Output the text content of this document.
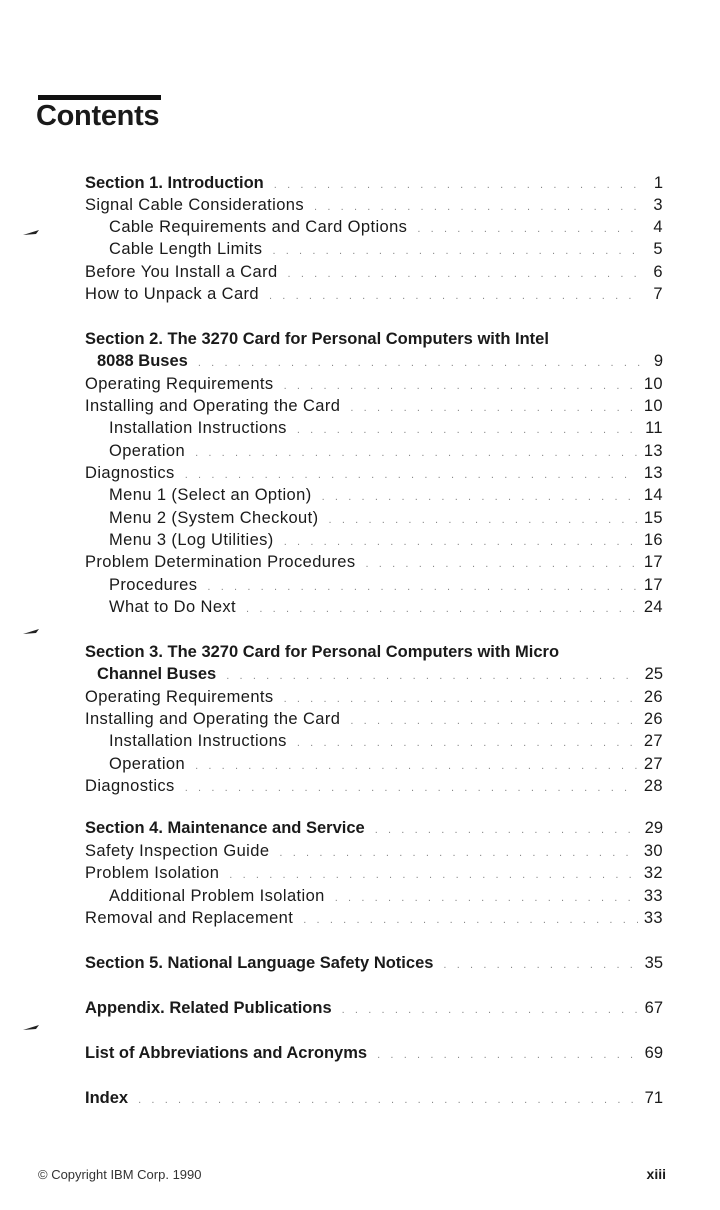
Contents
Section 1. Introduction . . .	1
Signal Cable Considerations . . .	3
Cable Requirements and Card Options . . .	4
Cable Length Limits . . .	5
Before You Install a Card . . .	6
How to Unpack a Card . . .	7
Section 2. The 3270 Card for Personal Computers with Intel
8088 Buses . . .	9
Operating Requirements . . .	10
Installing and Operating the Card . . .	10
Installation Instructions . . .	11
Operation . . .	13
Diagnostics . . .	13
Menu 1 (Select an Option) . . .	14
Menu 2 (System Checkout) . . .	15
Menu 3 (Log Utilities) . . .	16
Problem Determination Procedures . . .	17
Procedures . . .	17
What to Do Next . . .	24
Section 3. The 3270 Card for Personal Computers with Micro
Channel Buses . . .	25
Operating Requirements . . .	26
Installing and Operating the Card . . .	26
Installation Instructions . . .	27
Operation . . .	27
Diagnostics . . .	28
Section 4. Maintenance and Service . . .	29
Safety Inspection Guide . . .	30
Problem Isolation . . .	32
Additional Problem Isolation . . .	33
Removal and Replacement . . .	33
Section 5. National Language Safety Notices . . .	35
Appendix. Related Publications . . .	67
List of Abbreviations and Acronyms . . .	69
Index . . .	71
© Copyright IBM Corp. 1990	xiii
